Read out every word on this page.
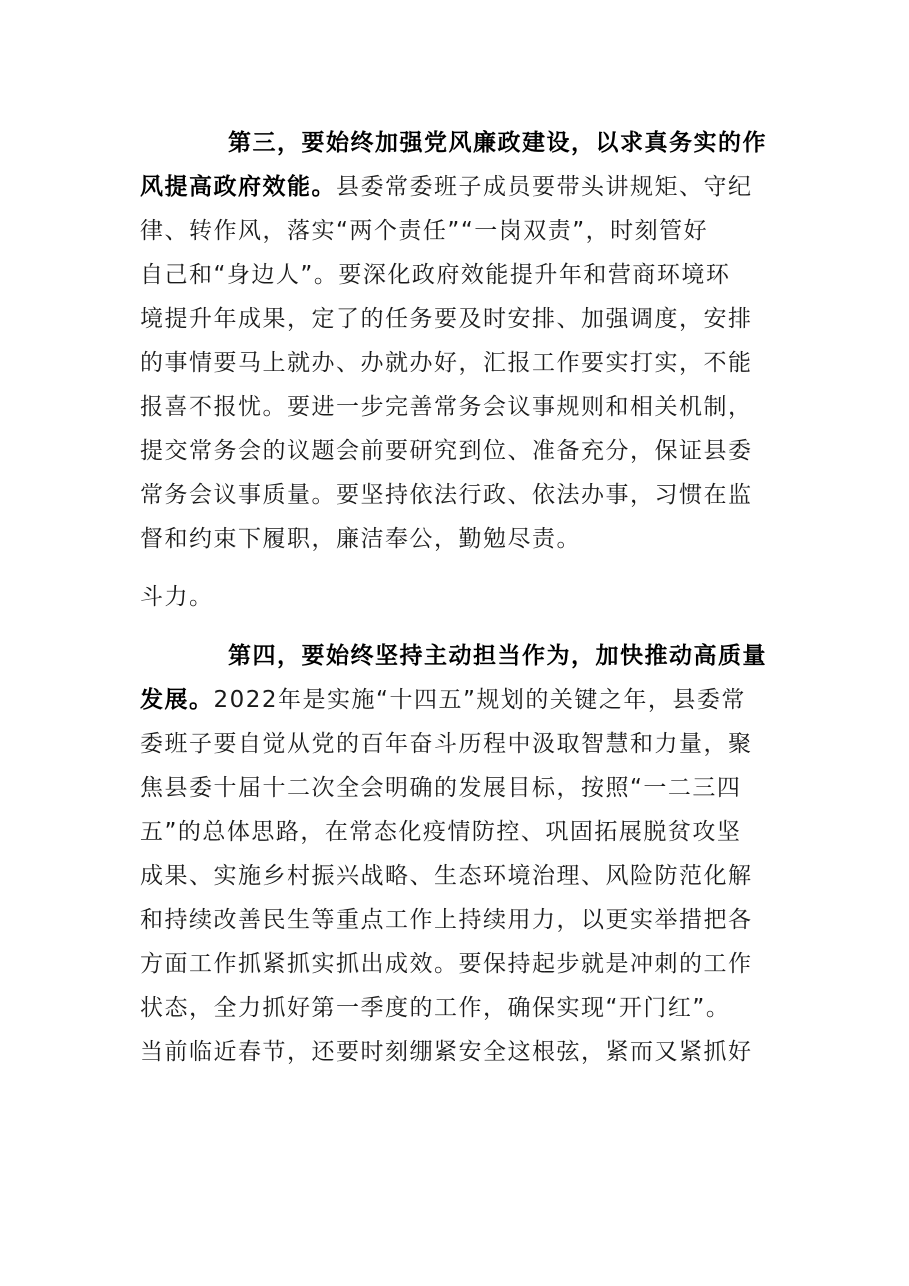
第三，要始终加强党风廉政建设，以求真务实的作
风提高政府效能。县委常委班子成员要带头讲规矩、守纪
律、转作风，落实“两个责任”“一岗双责”，时刻管好
自己和“身边人”。要深化政府效能提升年和营商环境环
境提升年成果，定了的任务要及时安排、加强调度，安排
的事情要马上就办、办就办好，汇报工作要实打实，不能
报喜不报忧。要进一步完善常务会议事规则和相关机制，
提交常务会的议题会前要研究到位、准备充分，保证县委
常务会议事质量。要坚持依法行政、依法办事，习惯在监
督和约束下履职，廉洁奉公，勤勉尽责。
斗力。
第四，要始终坚持主动担当作为，加快推动高质量
发展。2022年是实施“十四五”规划的关键之年，县委常
委班子要自觉从党的百年奋斗历程中汲取智慧和力量，聚
焦县委十届十二次全会明确的发展目标，按照“一二三四
五”的总体思路，在常态化疫情防控、巩固拓展脱贫攻坚
成果、实施乡村振兴战略、生态环境治理、风险防范化解
和持续改善民生等重点工作上持续用力，以更实举措把各
方面工作抓紧抓实抓出成效。要保持起步就是冲刺的工作
状态，全力抓好第一季度的工作，确保实现“开门红”。
当前临近春节，还要时刻绷紧安全这根弦，紧而又紧抓好
